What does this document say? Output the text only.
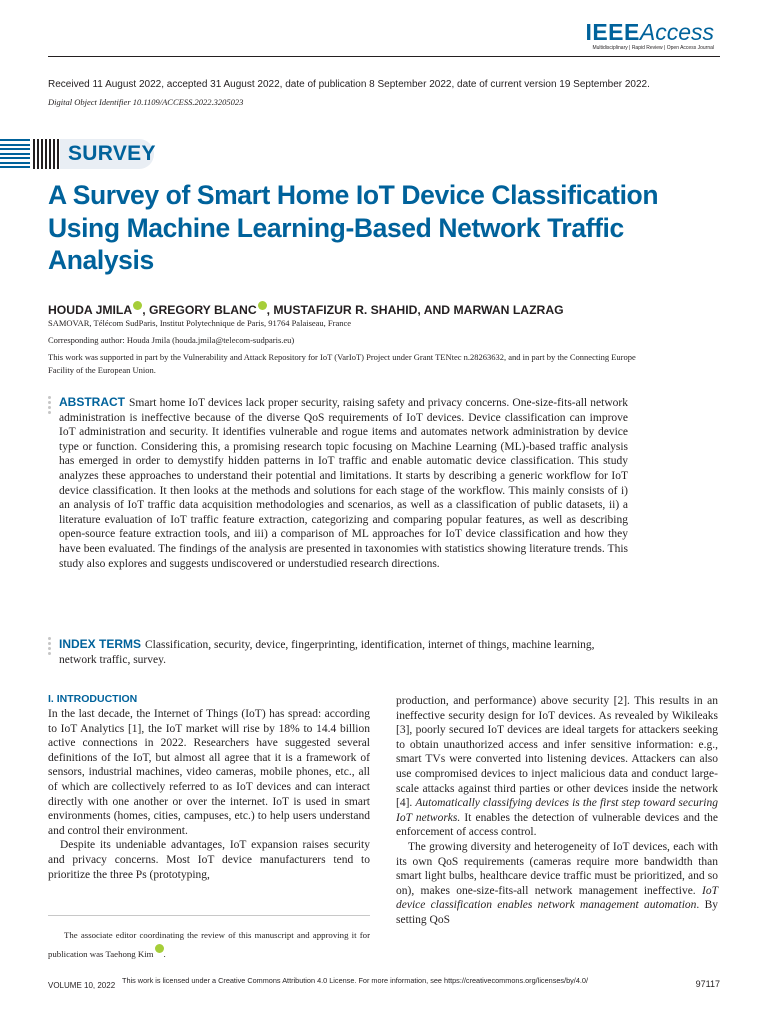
IEEEAccess
Multidisciplinary | Rapid Review | Open Access Journal
Received 11 August 2022, accepted 31 August 2022, date of publication 8 September 2022, date of current version 19 September 2022.
Digital Object Identifier 10.1109/ACCESS.2022.3205023
SURVEY
A Survey of Smart Home IoT Device Classification Using Machine Learning-Based Network Traffic Analysis
HOUDA JMILA , GREGORY BLANC , MUSTAFIZUR R. SHAHID, AND MARWAN LAZRAG
SAMOVAR, Télécom SudParis, Institut Polytechnique de Paris, 91764 Palaiseau, France
Corresponding author: Houda Jmila (houda.jmila@telecom-sudparis.eu)
This work was supported in part by the Vulnerability and Attack Repository for IoT (VarIoT) Project under Grant TENtec n.28263632, and in part by the Connecting Europe Facility of the European Union.
ABSTRACT Smart home IoT devices lack proper security, raising safety and privacy concerns. One-size-fits-all network administration is ineffective because of the diverse QoS requirements of IoT devices. Device classification can improve IoT administration and security. It identifies vulnerable and rogue items and automates network administration by device type or function. Considering this, a promising research topic focusing on Machine Learning (ML)-based traffic analysis has emerged in order to demystify hidden patterns in IoT traffic and enable automatic device classification. This study analyzes these approaches to understand their potential and limitations. It starts by describing a generic workflow for IoT device classification. It then looks at the methods and solutions for each stage of the workflow. This mainly consists of i) an analysis of IoT traffic data acquisition methodologies and scenarios, as well as a classification of public datasets, ii) a literature evaluation of IoT traffic feature extraction, categorizing and comparing popular features, as well as describing open-source feature extraction tools, and iii) a comparison of ML approaches for IoT device classification and how they have been evaluated. The findings of the analysis are presented in taxonomies with statistics showing literature trends. This study also explores and suggests undiscovered or understudied research directions.
INDEX TERMS Classification, security, device, fingerprinting, identification, internet of things, machine learning, network traffic, survey.
I. INTRODUCTION

In the last decade, the Internet of Things (IoT) has spread: according to IoT Analytics [1], the IoT market will rise by 18% to 14.4 billion active connections in 2022. Researchers have suggested several definitions of the IoT, but almost all agree that it is a framework of sensors, industrial machines, video cameras, mobile phones, etc., all of which are collectively referred to as IoT devices and can interact directly with one another or over the internet. IoT is used in smart environments (homes, cities, campuses, etc.) to help users understand and control their environment.

Despite its undeniable advantages, IoT expansion raises security and privacy concerns. Most IoT device manufacturers tend to prioritize the three Ps (prototyping,

production, and performance) above security [2]. This results in an ineffective security design for IoT devices. As revealed by Wikileaks [3], poorly secured IoT devices are ideal targets for attackers seeking to obtain unauthorized access and infer sensitive information: e.g., smart TVs were converted into listening devices. Attackers can also use compromised devices to inject malicious data and conduct large-scale attacks against third parties or other devices inside the network [4]. Automatically classifying devices is the first step toward securing IoT networks. It enables the detection of vulnerable devices and the enforcement of access control.

The growing diversity and heterogeneity of IoT devices, each with its own QoS requirements (cameras require more bandwidth than smart light bulbs, healthcare device traffic must be prioritized, and so on), makes one-size-fits-all network management ineffective. IoT device classification enables network management automation. By setting QoS

The associate editor coordinating the review of this manuscript and approving it for publication was Taehong Kim .
VOLUME 10, 2022
This work is licensed under a Creative Commons Attribution 4.0 License. For more information, see https://creativecommons.org/licenses/by/4.0/	97117
